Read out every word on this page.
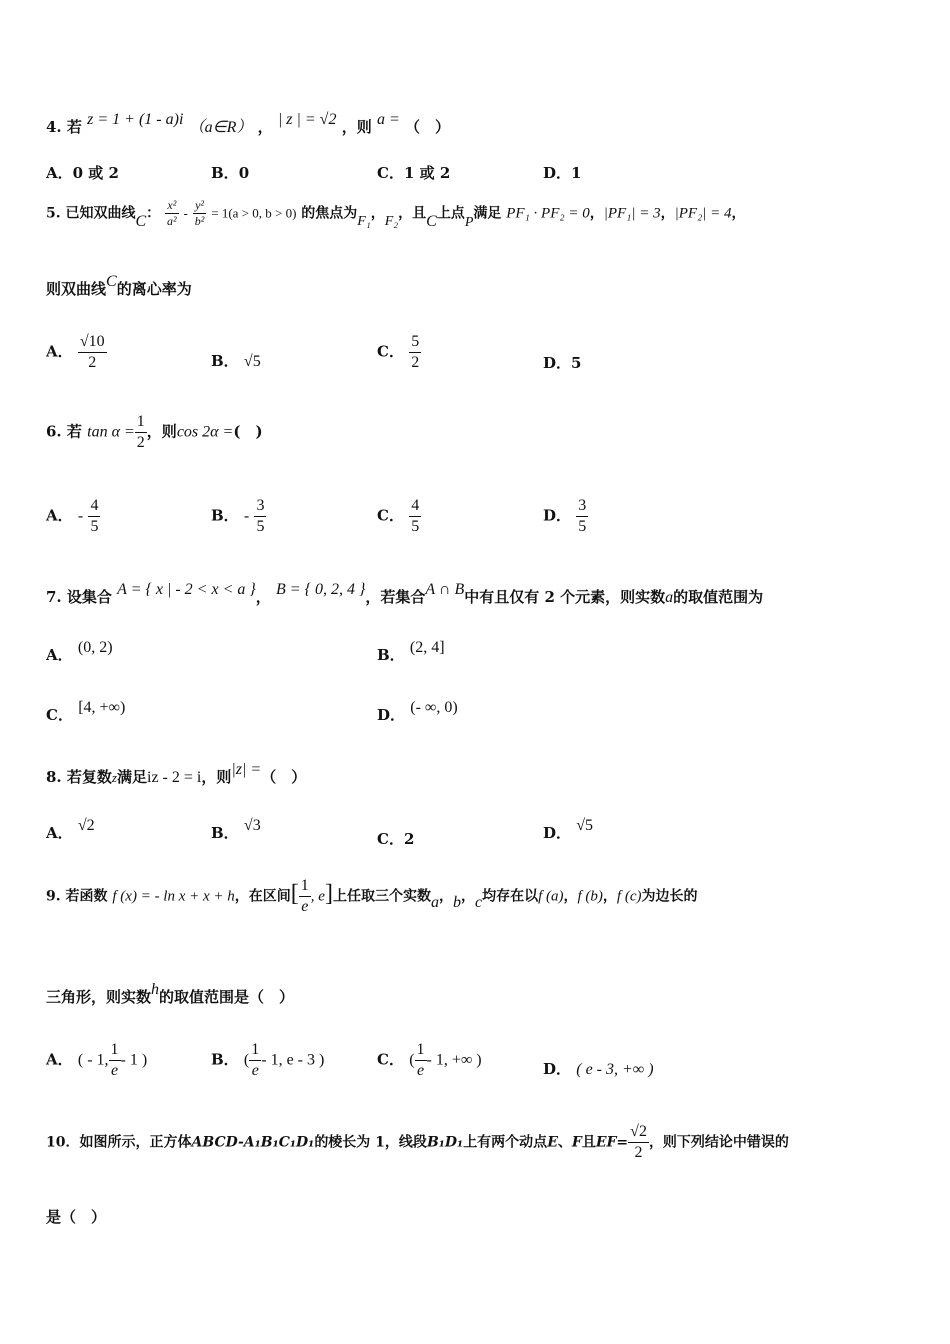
4. 若 z = 1 + (1 - a)i （a∈R） ， | z | = √2 ，则 a = （　）
A．0 或 2	B．0	C．1 或 2	D．1
5. 已知双曲线C： $\frac{\text{x²}}{\text{a²}} - \frac{\text{y²}}{\text{b²}} = 1(a > 0$, b > 0) 的焦点为F₁，F₂，且C上点P满足 PF₁ · PF₂ = 0，|PF₁| = 3，|PF₂| = 4，
则双曲线C的离心率为
A． $\frac{√10}{2}$	B． √5
C． $\frac{5}{2}$	D．5
6. 若 $\tan \alpha = \frac{1}{2}$ ，则cos 2α =(　)
A． - $\frac{4}{5}$	B． - $\frac{3}{5}$	C． $\frac{4}{5}$	D． $\frac{3}{5}$
7. 设集合 A = { x | - 2 < x < a }， B = { 0, 2, 4 }，若集合A ∩ B中有且仅有 2 个元素，则实数a的取值范围为
A． (0, 2)	B． (2, 4]
C． [4, +∞)	D． (- ∞, 0)
8. 若复数z满足iz - 2 = i，则|z| =（　）
A． √2	B． √3
C．2	D． √5
9. 若函数 f (x) = - ln x + x + h，在区间[ $\frac{1}{e}$ , e]上任取三个实数a，b，c均存在以f (a)，f (b)，f (c)为边长的
三角形，则实数h的取值范围是（　）
A． ( - 1, $\frac{1}{e} - 1$ )	B． ( $\frac{1}{e} - 1$, e - 3 )	C． ( $\frac{1}{e} - 1$, +∞ )	D． ( e - 3, +∞ )
10．如图所示，正方体ABCD-A₁B₁C₁D₁的棱长为 1，线段B₁D₁上有两个动点E、F且$EF= \frac{√2}{2}$ ，则下列结论中错误的
是（　）
